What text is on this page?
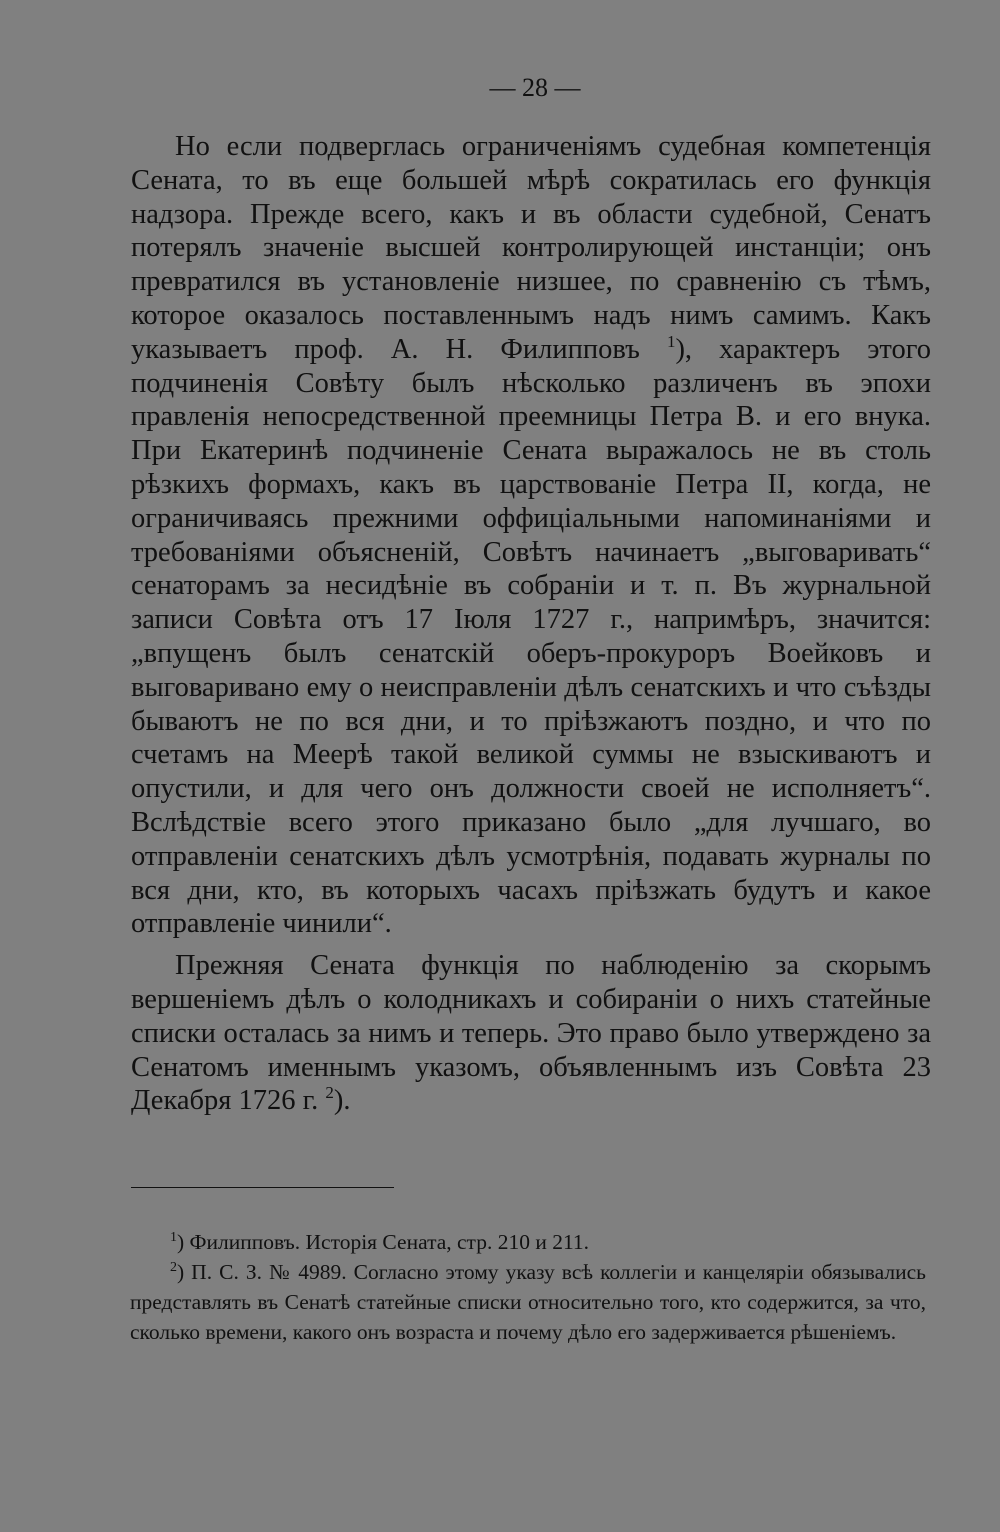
— 28 —

Но если подверглась ограниченіямъ судебная компетенція Сената, то въ еще большей мѣрѣ сократилась его функція надзора. Прежде всего, какъ и въ области судебной, Сенатъ потерялъ значеніе высшей контролирующей инстанціи; онъ превратился въ установленіе низшее, по сравненію съ тѣмъ, которое оказалось поставленнымъ надъ нимъ самимъ. Какъ указываетъ проф. А. Н. Филипповъ $^1$), характеръ этого подчиненія Совѣту былъ нѣсколько различенъ въ эпохи правленія непосредственной преемницы Петра В. и его внука. При Екатеринѣ подчиненіе Сената выражалось не въ столь рѣзкихъ формахъ, какъ въ царствованіе Петра II, когда, не ограничиваясь прежними оффиціальными напоминаніями и требованіями объясненій, Совѣтъ начинаетъ „выговаривать“ сенаторамъ за несидѣніе въ собраніи и т. п. Въ журнальной записи Совѣта отъ 17 Іюля 1727 г., напримѣръ, значится: „впущенъ былъ сенатскій оберъ-прокуроръ Воейковъ и выговаривано ему о неисправленіи дѣлъ сенатскихъ и что съѣзды бываютъ не по вся дни, и то пріѣзжаютъ поздно, и что по счетамъ на Меерѣ такой великой суммы не взыскиваютъ и опустили, и для чего онъ должности своей не исполняетъ“. Вслѣдствіе всего этого приказано было „для лучшаго, во отправленіи сенатскихъ дѣлъ усмотрѣнія, подавать журналы по вся дни, кто, въ которыхъ часахъ пріѣзжать будутъ и какое отправленіе чинили“.

Прежняя Сената функція по наблюденію за скорымъ вершеніемъ дѣлъ о колодникахъ и собираніи о нихъ статейные списки осталась за нимъ и теперь. Это право было утверждено за Сенатомъ именнымъ указомъ, объявленнымъ изъ Совѣта 23 Декабря 1726 г. $^2$).

$^1$) Филипповъ. Исторія Сената, стр. 210 и 211.

$^2$) П. С. З. № 4989. Согласно этому указу всѣ коллегіи и канцеляріи обязывались представлять въ Сенатѣ статейные списки относительно того, кто содержится, за что, сколько времени, какого онъ возраста и почему дѣло его задерживается рѣшеніемъ.
